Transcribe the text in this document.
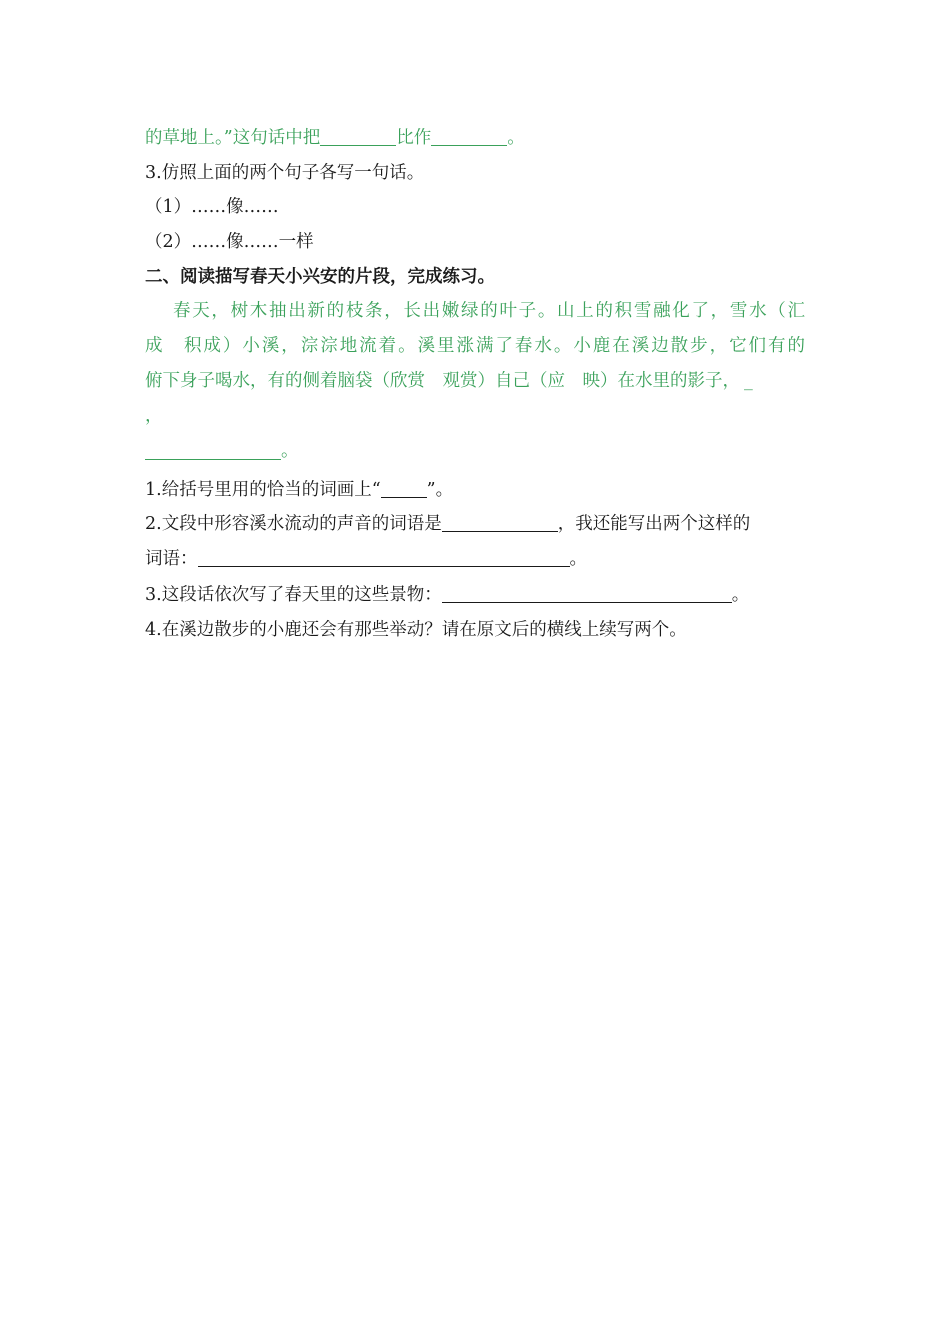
的草地上。”这句话中把	比作	。
3.仿照上面的两个句子各写一句话。
（1）……像……
（2）……像……一样
二、阅读描写春天小兴安的片段，完成练习。
春天，树木抽出新的枝条，长出嫩绿的叶子。山上的积雪融化了，雪水（汇
成　积成）小溪，淙淙地流着。溪里涨满了春水。小鹿在溪边散步，它们有的
俯下身子喝水，有的侧着脑袋（欣赏　观赏）自己（应　映）在水里的影子， _
，
。
1.给括号里用的恰当的词画上“	”。
2.文段中形容溪水流动的声音的词语是	，我还能写出两个这样的
词语：	。
3.这段话依次写了春天里的这些景物：	。
4.在溪边散步的小鹿还会有那些举动？请在原文后的横线上续写两个。
